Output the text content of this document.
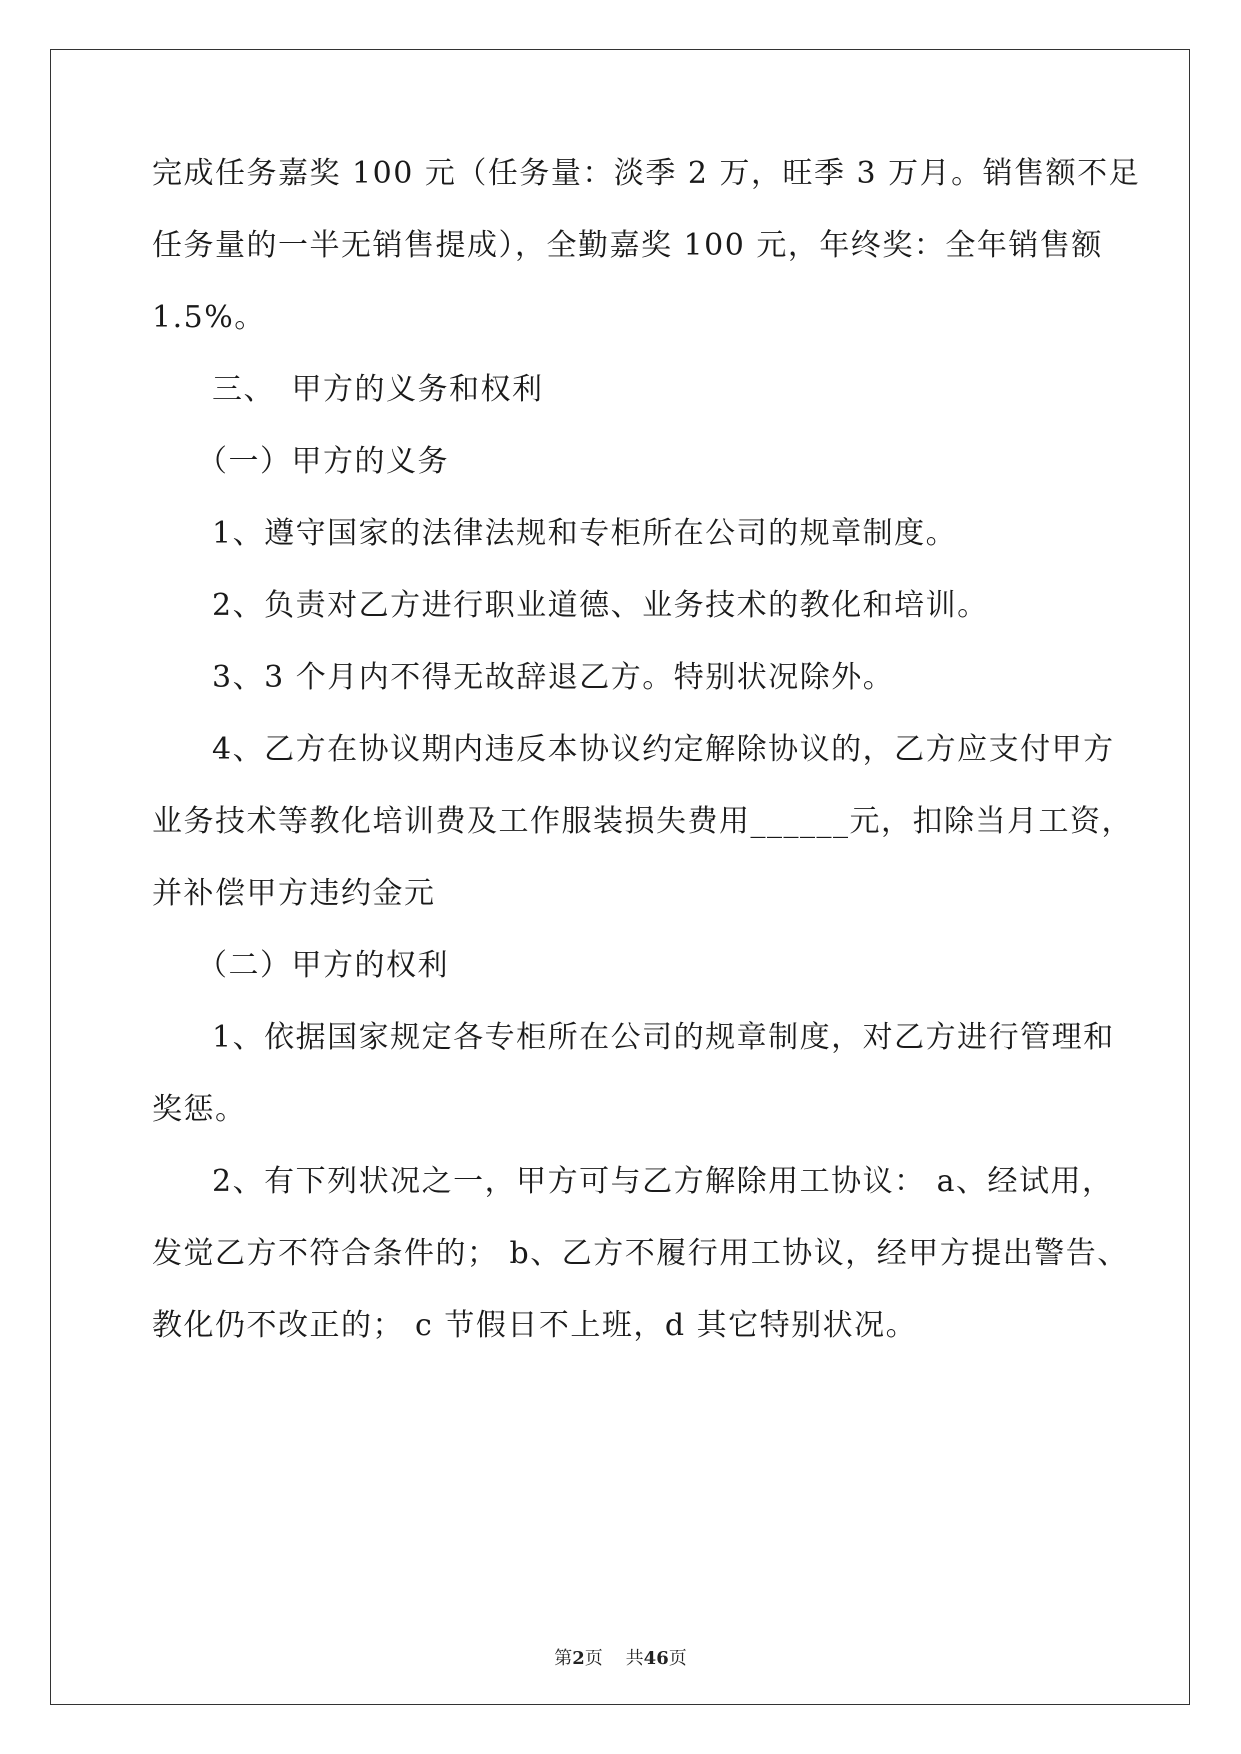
完成任务嘉奖 100 元（任务量：淡季 2 万，旺季 3 万月。销售额不足
任务量的一半无销售提成），全勤嘉奖 100 元，年终奖：全年销售额
1.5%。
三、　甲方的义务和权利
（一）甲方的义务
1、遵守国家的法律法规和专柜所在公司的规章制度。
2、负责对乙方进行职业道德、业务技术的教化和培训。
3、3 个月内不得无故辞退乙方。特别状况除外。
4、乙方在协议期内违反本协议约定解除协议的，乙方应支付甲方
业务技术等教化培训费及工作服装损失费用______元，扣除当月工资，
并补偿甲方违约金元
（二）甲方的权利
1、依据国家规定各专柜所在公司的规章制度，对乙方进行管理和
奖惩。
2、有下列状况之一，甲方可与乙方解除用工协议： a、经试用，
发觉乙方不符合条件的； b、乙方不履行用工协议，经甲方提出警告、
教化仍不改正的； c 节假日不上班，d 其它特别状况。
第2页 共46页
